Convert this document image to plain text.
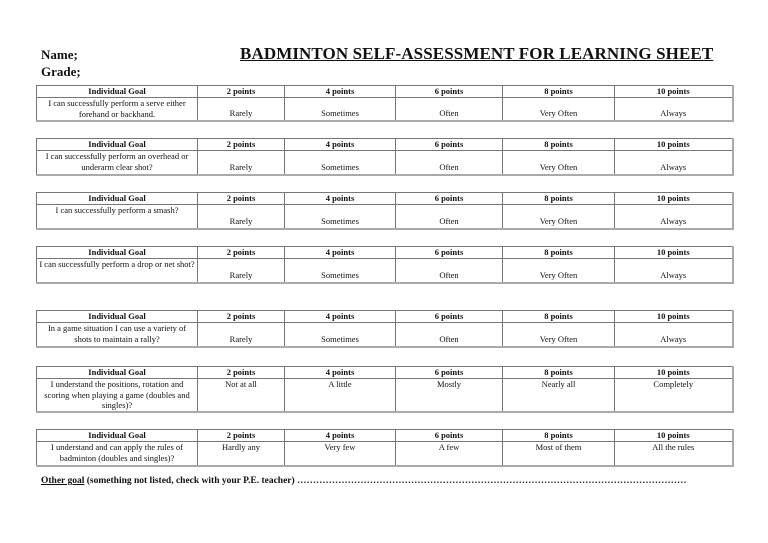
Name;
Grade;
BADMINTON SELF-ASSESSMENT FOR LEARNING SHEET
Individual Goal	2 points	4 points	6 points	8 points	10 points
I can successfully perform a serve either forehand or backhand.	Rarely	Sometimes	Often	Very Often	Always
Individual Goal	2 points	4 points	6 points	8 points	10 points
I can successfully perform an overhead or underarm clear shot?	Rarely	Sometimes	Often	Very Often	Always
Individual Goal	2 points	4 points	6 points	8 points	10 points
I can successfully perform a smash?	Rarely	Sometimes	Often	Very Often	Always
Individual Goal	2 points	4 points	6 points	8 points	10 points
I can successfully perform a drop or net shot?	Rarely	Sometimes	Often	Very Often	Always
Individual Goal	2 points	4 points	6 points	8 points	10 points
In a game situation I can use a variety of shots to maintain a rally?	Rarely	Sometimes	Often	Very Often	Always
Individual Goal	2 points	4 points	6 points	8 points	10 points
I understand the positions, rotation and scoring when playing a game (doubles and singles)?	Not at all	A little	Mostly	Nearly all	Completely
Individual Goal	2 points	4 points	6 points	8 points	10 points
I understand and can apply the rules of badminton (doubles and singles)?	Hardly any	Very few	A few	Most of them	All the rules
Other goal (something not listed, check with your P.E. teacher) ……………………………………………………………………………………………………………
